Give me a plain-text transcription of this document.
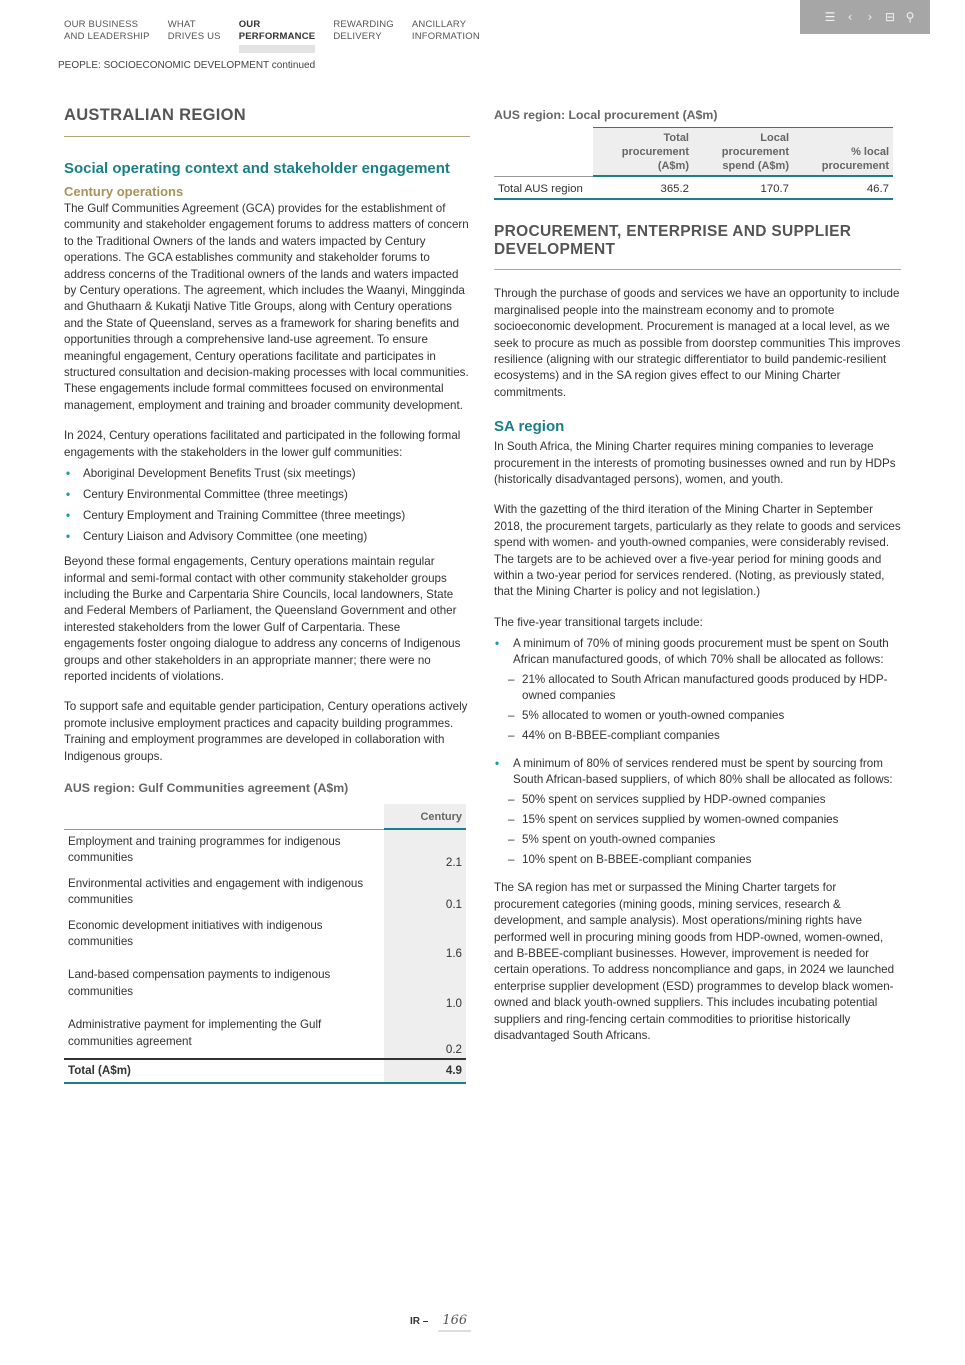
OUR BUSINESS
AND LEADERSHIP
WHAT
DRIVES US
OUR
PERFORMANCE
REWARDING
DELIVERY
ANCILLARY
INFORMATION
☰ ‹ › ⊟ ⚲
PEOPLE: SOCIOECONOMIC DEVELOPMENT continued
AUSTRALIAN REGION
Social operating context and stakeholder engagement
Century operations

The Gulf Communities Agreement (GCA) provides for the establishment of community and stakeholder engagement forums to address matters of concern to the Traditional Owners of the lands and waters impacted by Century operations. The GCA establishes community and stakeholder forums to address concerns of the Traditional owners of the lands and waters impacted by Century operations. The agreement, which includes the Waanyi, Mingginda and Ghuthaarn & Kukatji Native Title Groups, along with Century operations and the State of Queensland, serves as a framework for sharing benefits and opportunities through a comprehensive land-use agreement. To ensure meaningful engagement, Century operations facilitate and participates in structured consultation and decision-making processes with local communities. These engagements include formal committees focused on environmental management, employment and training and broader community development.

In 2024, Century operations facilitated and participated in the following formal engagements with the stakeholders in the lower gulf communities:

• Aboriginal Development Benefits Trust (six meetings)
• Century Environmental Committee (three meetings)
• Century Employment and Training Committee (three meetings)
• Century Liaison and Advisory Committee (one meeting)

Beyond these formal engagements, Century operations maintain regular informal and semi-formal contact with other community stakeholder groups including the Burke and Carpentaria Shire Councils, local landowners, State and Federal Members of Parliament, the Queensland Government and other interested stakeholders from the lower Gulf of Carpentaria. These engagements foster ongoing dialogue to address any concerns of Indigenous groups and other stakeholders in an appropriate manner; there were no reported incidents of violations.

To support safe and equitable gender participation, Century operations actively promote inclusive employment practices and capacity building programmes. Training and employment programmes are developed in collaboration with Indigenous groups.

AUS region: Gulf Communities agreement (A$m)
	Century
Employment and training programmes for indigenous communities	2.1
Environmental activities and engagement with indigenous communities	0.1
Economic development initiatives with indigenous communities	1.6
Land-based compensation payments to indigenous communities	1.0
Administrative payment for implementing the Gulf communities agreement	0.2
Total (A$m)	4.9
AUS region: Local procurement (A$m)
	Total procurement (A$m)	Local procurement spend (A$m)	% local procurement
Total AUS region	365.2	170.7	46.7
PROCUREMENT, ENTERPRISE AND SUPPLIER DEVELOPMENT

Through the purchase of goods and services we have an opportunity to include marginalised people into the mainstream economy and to promote socioeconomic development. Procurement is managed at a local level, as we seek to procure as much as possible from doorstep communities This improves resilience (aligning with our strategic differentiator to build pandemic-resilient ecosystems) and in the SA region gives effect to our Mining Charter commitments.

SA region

In South Africa, the Mining Charter requires mining companies to leverage procurement in the interests of promoting businesses owned and run by HDPs (historically disadvantaged persons), women, and youth.

With the gazetting of the third iteration of the Mining Charter in September 2018, the procurement targets, particularly as they relate to goods and services spend with women- and youth-owned companies, were considerably revised. The targets are to be achieved over a five-year period for mining goods and within a two-year period for services rendered. (Noting, as previously stated, that the Mining Charter is policy and not legislation.)

The five-year transitional targets include:

• A minimum of 70% of mining goods procurement must be spent on South African manufactured goods, of which 70% shall be allocated as follows:
– 21% allocated to South African manufactured goods produced by HDP-owned companies
– 5% allocated to women or youth-owned companies
– 44% on B-BBEE-compliant companies
• A minimum of 80% of services rendered must be spent by sourcing from South African-based suppliers, of which 80% shall be allocated as follows:
– 50% spent on services supplied by HDP-owned companies
– 15% spent on services supplied by women-owned companies
– 5% spent on youth-owned companies
– 10% spent on B-BBEE-compliant companies

The SA region has met or surpassed the Mining Charter targets for procurement categories (mining goods, mining services, research & development, and sample analysis). Most operations/mining rights have performed well in procuring mining goods from HDP-owned, women-owned, and B-BBEE-compliant businesses. However, improvement is needed for certain operations. To address noncompliance and gaps, in 2024 we launched enterprise supplier development (ESD) programmes to develop black women-owned and black youth-owned suppliers. This includes incubating potential suppliers and ring-fencing certain commodities to prioritise historically disadvantaged South Africans.

IR –	166
